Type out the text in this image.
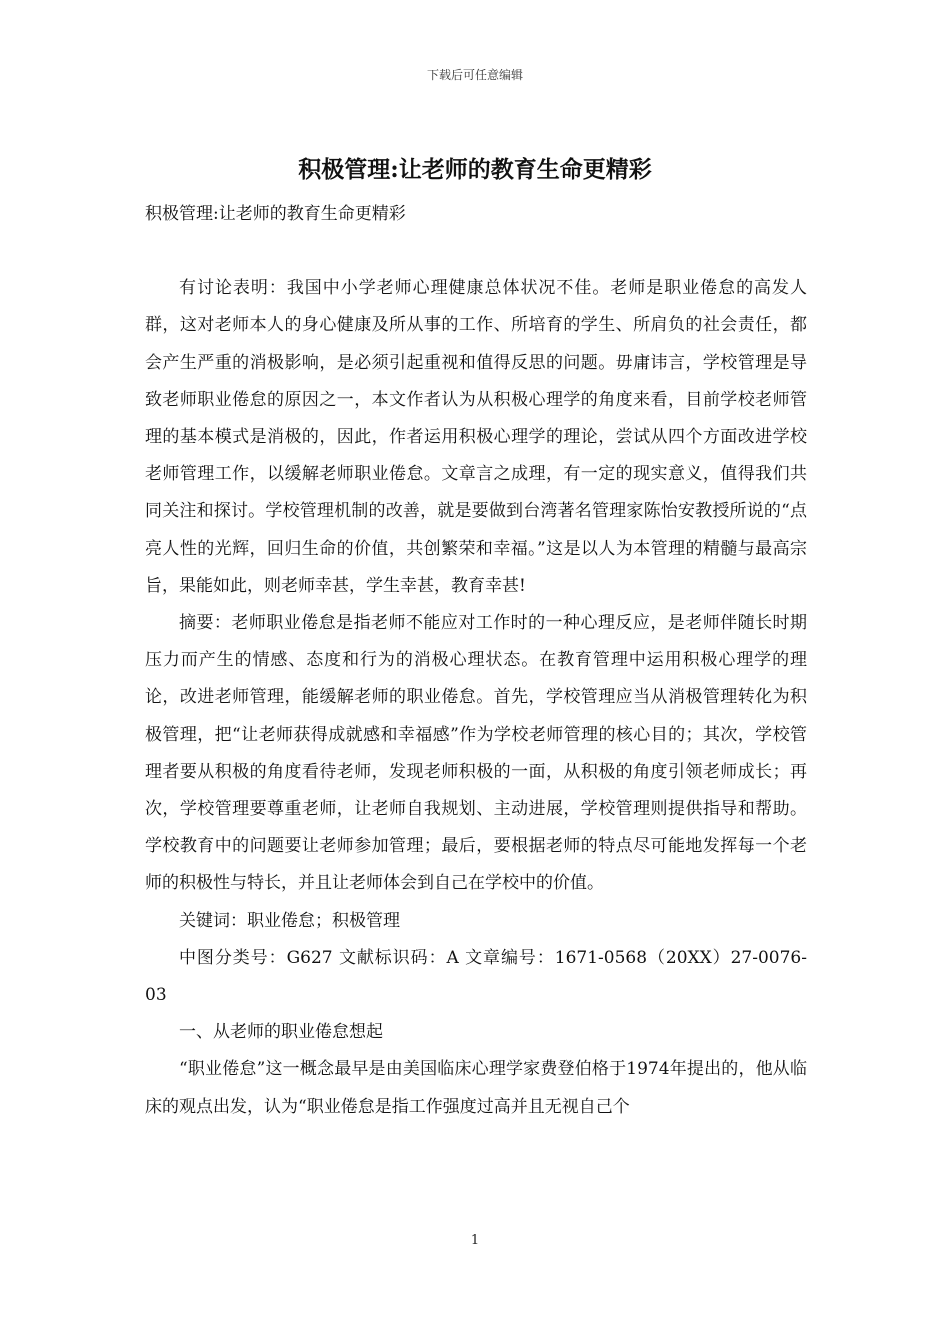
下载后可任意编辑
积极管理:让老师的教育生命更精彩

积极管理:让老师的教育生命更精彩

有讨论表明：我国中小学老师心理健康总体状况不佳。老师是职业倦怠的高发人群，这对老师本人的身心健康及所从事的工作、所培育的学生、所肩负的社会责任，都会产生严重的消极影响，是必须引起重视和值得反思的问题。毋庸讳言，学校管理是导致老师职业倦怠的原因之一，本文作者认为从积极心理学的角度来看，目前学校老师管理的基本模式是消极的，因此，作者运用积极心理学的理论，尝试从四个方面改进学校老师管理工作，以缓解老师职业倦怠。文章言之成理，有一定的现实意义，值得我们共同关注和探讨。学校管理机制的改善，就是要做到台湾著名管理家陈怡安教授所说的“点亮人性的光辉，回归生命的价值，共创繁荣和幸福。”这是以人为本管理的精髓与最高宗旨，果能如此，则老师幸甚，学生幸甚，教育幸甚!

摘要：老师职业倦怠是指老师不能应对工作时的一种心理反应，是老师伴随长时期压力而产生的情感、态度和行为的消极心理状态。在教育管理中运用积极心理学的理论，改进老师管理，能缓解老师的职业倦怠。首先，学校管理应当从消极管理转化为积极管理，把“让老师获得成就感和幸福感”作为学校老师管理的核心目的；其次，学校管理者要从积极的角度看待老师，发现老师积极的一面，从积极的角度引领老师成长；再次，学校管理要尊重老师，让老师自我规划、主动进展，学校管理则提供指导和帮助。学校教育中的问题要让老师参加管理；最后，要根据老师的特点尽可能地发挥每一个老师的积极性与特长，并且让老师体会到自己在学校中的价值。

关键词：职业倦怠；积极管理

中图分类号：G627 文献标识码：A 文章编号：1671-0568（20XX）27-0076-03

一、从老师的职业倦怠想起

“职业倦怠”这一概念最早是由美国临床心理学家费登伯格于1974年提出的，他从临床的观点出发，认为“职业倦怠是指工作强度过高并且无视自己个

1
